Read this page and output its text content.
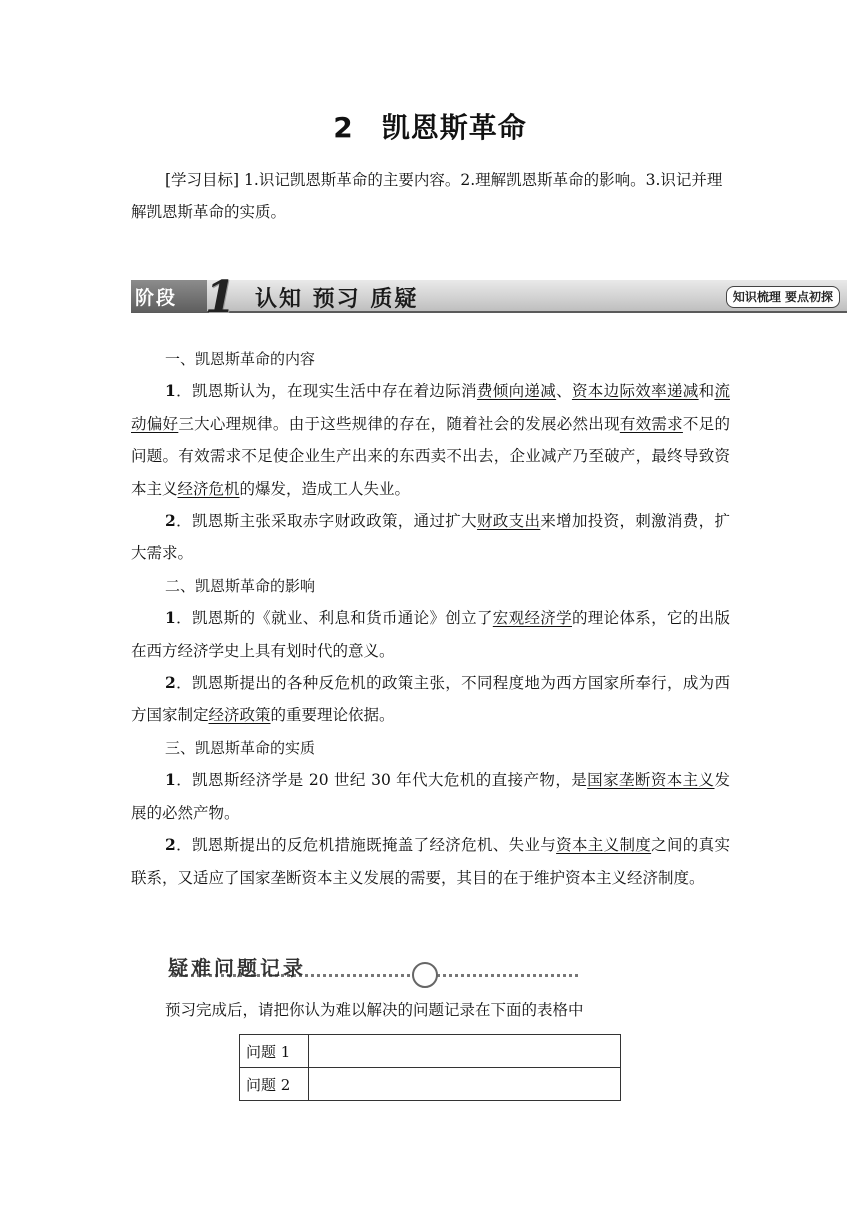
2 凯恩斯革命
[学习目标] 1.识记凯恩斯革命的主要内容。2.理解凯恩斯革命的影响。3.识记并理解凯恩斯革命的实质。
阶段 1 认知 预习 质疑	知识梳理 要点初探

一、凯恩斯革命的内容

1．凯恩斯认为，在现实生活中存在着边际消费倾向递减、资本边际效率递减和流动偏好三大心理规律。由于这些规律的存在，随着社会的发展必然出现有效需求不足的问题。有效需求不足使企业生产出来的东西卖不出去，企业减产乃至破产，最终导致资本主义经济危机的爆发，造成工人失业。

2．凯恩斯主张采取赤字财政政策，通过扩大财政支出来增加投资，刺激消费，扩大需求。

二、凯恩斯革命的影响

1．凯恩斯的《就业、利息和货币通论》创立了宏观经济学的理论体系，它的出版在西方经济学史上具有划时代的意义。

2．凯恩斯提出的各种反危机的政策主张，不同程度地为西方国家所奉行，成为西方国家制定经济政策的重要理论依据。

三、凯恩斯革命的实质

1．凯恩斯经济学是 20 世纪 30 年代大危机的直接产物，是国家垄断资本主义发展的必然产物。

2．凯恩斯提出的反危机措施既掩盖了经济危机、失业与资本主义制度之间的真实联系，又适应了国家垄断资本主义发展的需要，其目的在于维护资本主义经济制度。

疑难问题记录
预习完成后，请把你认为难以解决的问题记录在下面的表格中
问题 1	
问题 2	
